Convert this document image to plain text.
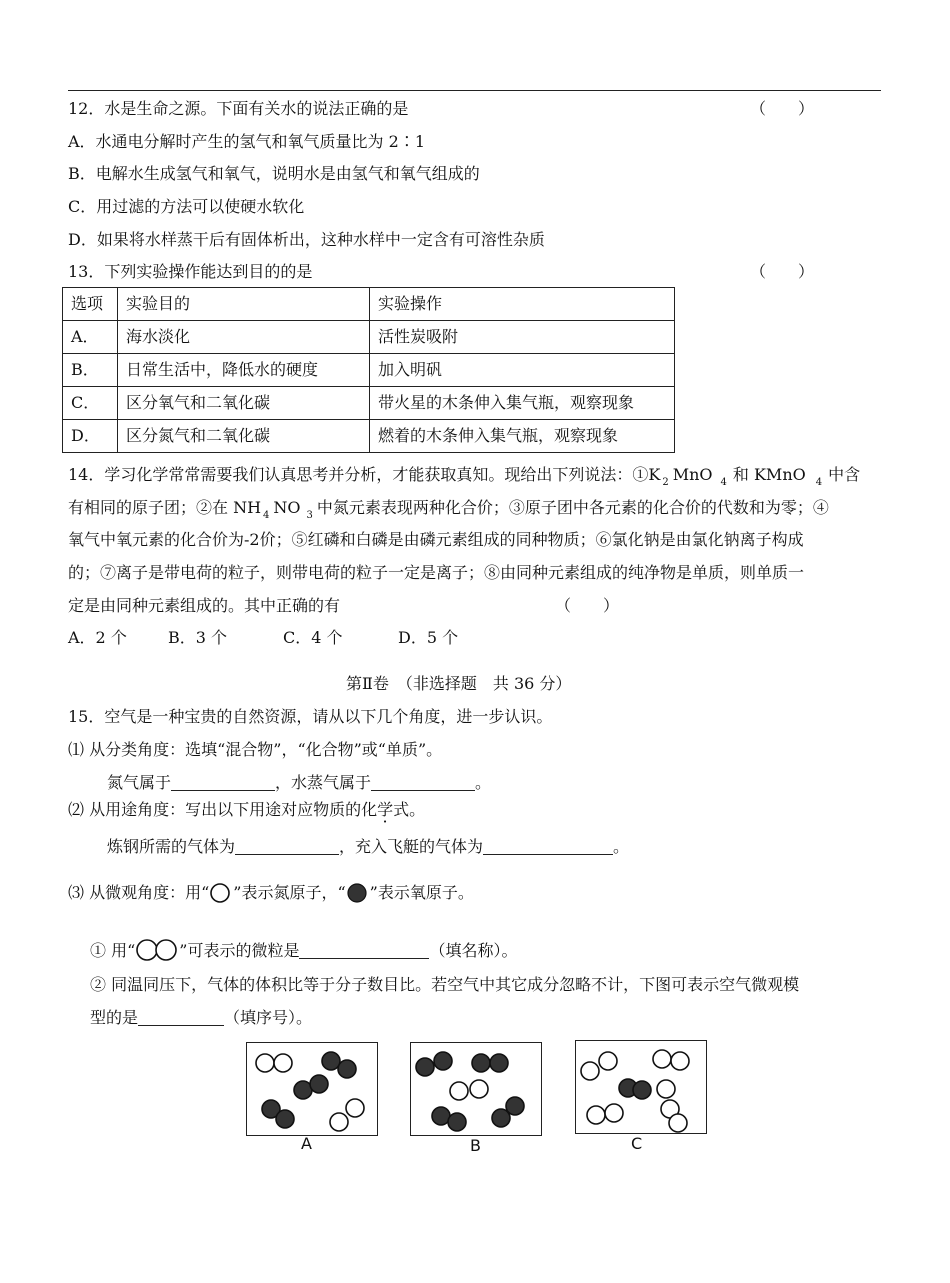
12．水是生命之源。下面有关水的说法正确的是	（　　）
A．水通电分解时产生的氢气和氧气质量比为 2∶1
B．电解水生成氢气和氧气，说明水是由氢气和氧气组成的
C．用过滤的方法可以使硬水软化
D．如果将水样蒸干后有固体析出，这种水样中一定含有可溶性杂质
13．下列实验操作能达到目的的是	（　　）
选项	实验目的	实验操作
A．	海水淡化	活性炭吸附
B．	日常生活中，降低水的硬度	加入明矾
C．	区分氧气和二氧化碳	带火星的木条伸入集气瓶，观察现象
D．	区分氮气和二氧化碳	燃着的木条伸入集气瓶，观察现象
14．学习化学常常需要我们认真思考并分析，才能获取真知。现给出下列说法：①K $_2$ MnO $_4$ 和 KMnO $_4$ 中含
有相同的原子团；②在 NH $_4$ NO $_3$ 中氮元素表现两种化合价；③原子团中各元素的化合价的代数和为零；④
氧气中氧元素的化合价为-2价；⑤红磷和白磷是由磷元素组成的同种物质；⑥氯化钠是由氯化钠离子构成
的；⑦离子是带电荷的粒子，则带电荷的粒子一定是离子；⑧由同种元素组成的纯净物是单质，则单质一
定是由同种元素组成的。其中正确的有	（　　）
A．2 个	B．3 个	C．4 个	D．5 个
第Ⅱ卷　（非选择题　共 36 分）
15．空气是一种宝贵的自然资源，请从以下几个角度，进一步认识。
⑴ 从分类角度：选填“混合物”，“化合物”或“单质”。
氮气属于	，水蒸气属于	。
⑵ 从用途角度：写出以下用途对应物质的化学式。
炼钢所需的气体为	，充入飞艇的气体为	。
⑶ 从微观角度：用“ ”表示氮原子，“ ”表示氧原子。
① 用“	”可表示的微粒是	（填名称）。
② 同温同压下，气体的体积比等于分子数目比。若空气中其它成分忽略不计，下图可表示空气微观模
型的是	（填序号）。
A	B	C
